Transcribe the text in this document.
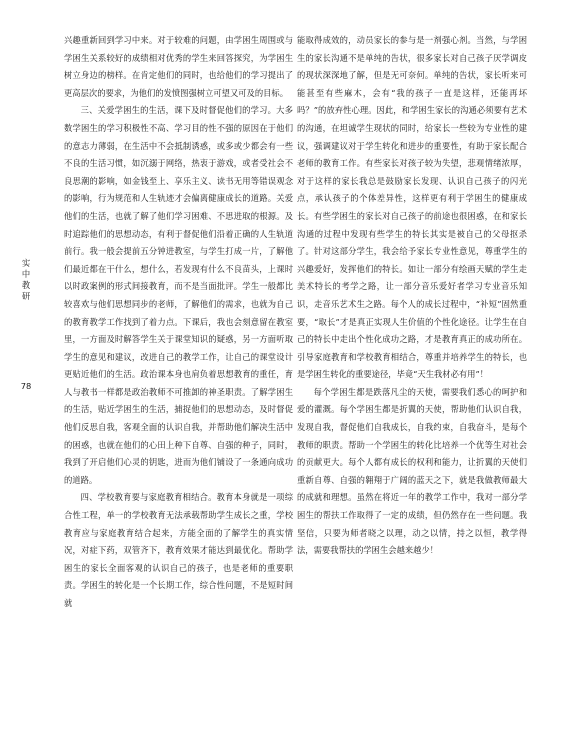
实
中
教
研
78

兴趣重新回到学习中来。对于较难的问题，由学困生周围或与学困生关系较好的成绩相对优秀的学生来回答探究，为学困生树立身边的榜样。在肯定他们的同时，也给他们的学习提出了更高层次的要求，为他们的发愤图强树立可望又可及的目标。

三、关爱学困生的生活，课下及时督促他们的学习。大多数学困生的学习积极性不高、学习目的性不强的原因在于他们的意志力薄弱，在生活中不会抵制诱惑，或多或少都会有一些不良的生活习惯，如沉溺于网络，热衷于游戏，或者受社会不良思潮的影响，如金钱至上、享乐主义、读书无用等错误观念的影响，行为规范和人生轨迹才会偏离健康成长的道路。关爱他们的生活，也就了解了他们学习困难、不思进取的根源。及时追踪他们的思想动态，有利于督促他们沿着正确的人生轨道前行。我一般会提前五分钟进教室，与学生打成一片，了解他们最近都在干什么，想什么，若发现有什么不良苗头，上课时以时政案例的形式间接教育，而不是当面批评。学生一般都比较喜欢与他们思想同步的老师，了解他们的需求，也就为自己的教育教学工作找到了着力点。下课后，我也会刻意留在教室里，一方面及时解答学生关于课堂知识的疑惑，另一方面听取学生的意见和建议，改进自己的教学工作，让自己的课堂设计更贴近他们的生活。政治课本身也肩负着思想教育的重任，育人与教书一样都是政治教师不可推卸的神圣职责。了解学困生的生活，贴近学困生的生活，捕捉他们的思想动态，及时督促他们反思自我，客观全面的认识自我，并帮助他们解决生活中的困惑，也就在他们的心田上种下自尊、自强的种子，同时，我到了开启他们心灵的钥匙，进而为他们铺设了一条通向成功的道路。

四、学校教育要与家庭教育相结合。教育本身就是一项综合性工程，单一的学校教育无法承载帮助学生成长之重，学校教育应与家庭教育结合起来，方能全面的了解学生的真实情况，对症下药，双管齐下，教育效果才能达到最优化。帮助学困生的家长全面客观的认识自己的孩子，也是老师的重要职责。学困生的转化是一个长期工作，综合性问题，不是短时间就

能取得成效的，动员家长的参与是一剂强心剂。当然，与学困生的家长沟通不是单纯的告状，很多家长对自己孩子厌学调皮的现状深深地了解，但是无可奈何。单纯的告状，家长听来可能甚至有些麻木，会有“我的孩子一直是这样，还能再坏吗？”的放弃性心理。因此，和学困生家长的沟通必须要有艺术的沟通，在坦诚学生现状的同时，给家长一些较为专业性的建议，强调建议对于学生转化和进步的重要性，有助于家长配合老师的教育工作。有些家长对孩子较为失望，悲观情绪浓厚，对于这样的家长我总是鼓励家长发现、认识自己孩子的闪光点，承认孩子的个体差异性，这样更有利于学困生的健康成长。有些学困生的家长对自己孩子的前途也很困惑，在和家长沟通的过程中发现有些学生的特长其实是被自己的父母抠杀了。针对这部分学生，我会给予家长专业性意见，尊重学生的兴趣爱好，发挥他们的特长。如让一部分有绘画天赋的学生走美术特长的考学之路，让一部分音乐爱好者学习专业音乐知识，走音乐艺术生之路。每个人的成长过程中，“补短”固然重要，“取长”才是真正实现人生价值的个性化途径。让学生在自己的特长中走出个性化成功之路，才是教育真正的成功所在。引导家庭教育和学校教育相结合，尊重并培养学生的特长，也是学困生转化的重要途径，毕竟“天生我材必有用”！

每个学困生都是跌落凡尘的天使，需要我们悉心的呵护和爱的灌溉。每个学困生都是折翼的天使，帮助他们认识自我，发现自我，督促他们自我成长，自我约束，自我奋斗，是每个教师的职责。帮助一个学困生的转化比培养一个优等生对社会的贡献更大。每个人都有成长的权利和能力，让折翼的天使们重新自尊、自强的翱翔于广阔的蓝天之下，就是我做教师最大的成就和理想。虽然在将近一年的教学工作中，我对一部分学困生的帮扶工作取得了一定的成绩，但仍然存在一些问题。我坚信，只要为师者晓之以理，动之以情，持之以恒，教学得法，需要我帮扶的学困生会越来越少！
